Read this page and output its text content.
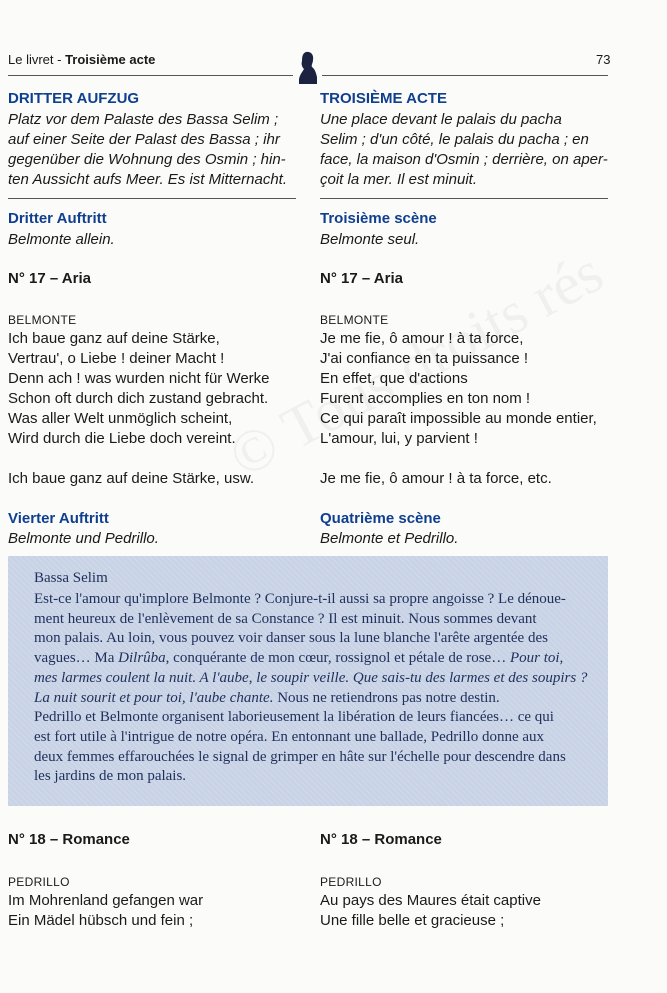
Le livret - Troisième acte	73
DRITTER AUFZUG
Platz vor dem Palaste des Bassa Selim ;
auf einer Seite der Palast des Bassa ; ihr
gegenüber die Wohnung des Osmin ; hin-
ten Aussicht aufs Meer. Es ist Mitternacht.
Dritter Auftritt
Belmonte allein.
N° 17 – Aria
BELMONTE
Ich baue ganz auf deine Stärke,
Vertrau', o Liebe ! deiner Macht !
Denn ach ! was wurden nicht für Werke
Schon oft durch dich zustand gebracht.
Was aller Welt unmöglich scheint,
Wird durch die Liebe doch vereint.
Ich baue ganz auf deine Stärke, usw.
Vierter Auftritt
Belmonte und Pedrillo.
TROISIÈME ACTE
Une place devant le palais du pacha
Selim ; d'un côté, le palais du pacha ; en
face, la maison d'Osmin ; derrière, on aper-
çoit la mer. Il est minuit.
Troisième scène
Belmonte seul.
N° 17 – Aria
BELMONTE
Je me fie, ô amour ! à ta force,
J'ai confiance en ta puissance !
En effet, que d'actions
Furent accomplies en ton nom !
Ce qui paraît impossible au monde entier,
L'amour, lui, y parvient !
Je me fie, ô amour ! à ta force, etc.
Quatrième scène
Belmonte et Pedrillo.
Bassa Selim
Est-ce l'amour qu'implore Belmonte ? Conjure-t-il aussi sa propre angoisse ? Le dénoue-
ment heureux de l'enlèvement de sa Constance ? Il est minuit. Nous sommes devant
mon palais. Au loin, vous pouvez voir danser sous la lune blanche l'arête argentée des
vagues… Ma Dilrûba, conquérante de mon cœur, rossignol et pétale de rose… Pour toi,
mes larmes coulent la nuit. A l'aube, le soupir veille. Que sais-tu des larmes et des soupirs ?
La nuit sourit et pour toi, l'aube chante. Nous ne retiendrons pas notre destin.
Pedrillo et Belmonte organisent laborieusement la libération de leurs fiancées… ce qui
est fort utile à l'intrigue de notre opéra. En entonnant une ballade, Pedrillo donne aux
deux femmes effarouchées le signal de grimper en hâte sur l'échelle pour descendre dans
les jardins de mon palais.
N° 18 – Romance
PEDRILLO
Im Mohrenland gefangen war
Ein Mädel hübsch und fein ;
N° 18 – Romance
PEDRILLO
Au pays des Maures était captive
Une fille belle et gracieuse ;
